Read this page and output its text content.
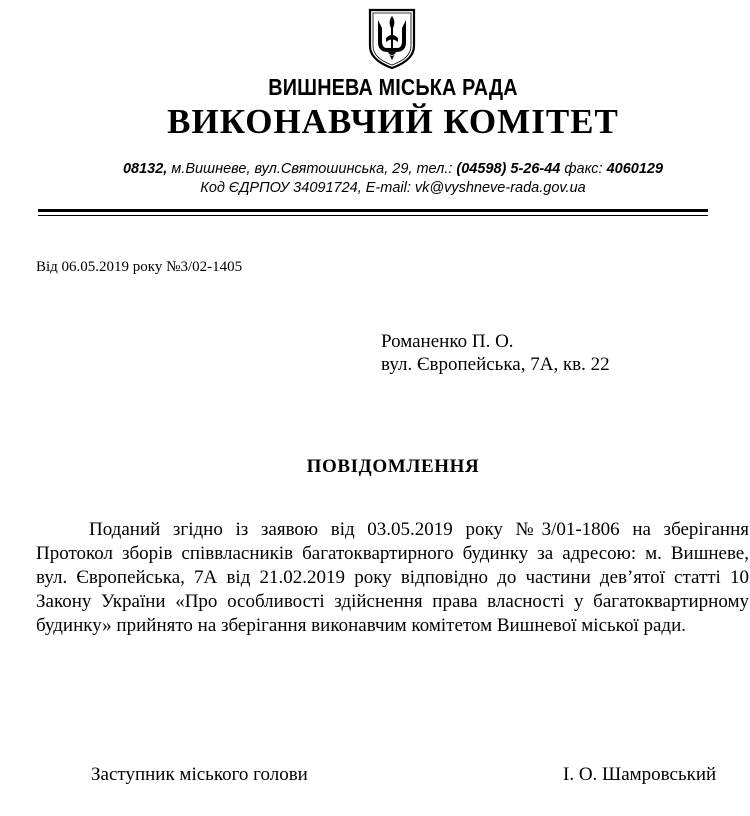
ВИШНЕВА МІСЬКА РАДА
ВИКОНАВЧИЙ КОМІТЕТ
08132, м.Вишневе, вул.Святошинська, 29, тел.: (04598) 5-26-44 факс: 4060129
Код ЄДРПОУ 34091724, E-mail: vk@vyshneve-rada.gov.ua
Від 06.05.2019 року №3/02-1405
Романенко П. О.
вул. Європейська, 7А, кв. 22
ПОВІДОМЛЕННЯ

Поданий згідно із заявою від 03.05.2019 року №3/01-1806 на зберігання Протокол зборів співвласників багатоквартирного будинку за адресою: м. Вишневе, вул. Європейська, 7А від 21.02.2019 року відповідно до частини дев’ятої статті 10 Закону України «Про особливості здійснення права власності у багатоквартирному будинку» прийнято на зберігання виконавчим комітетом Вишневої міської ради.

Заступник міського голови	І. О. Шамровський
